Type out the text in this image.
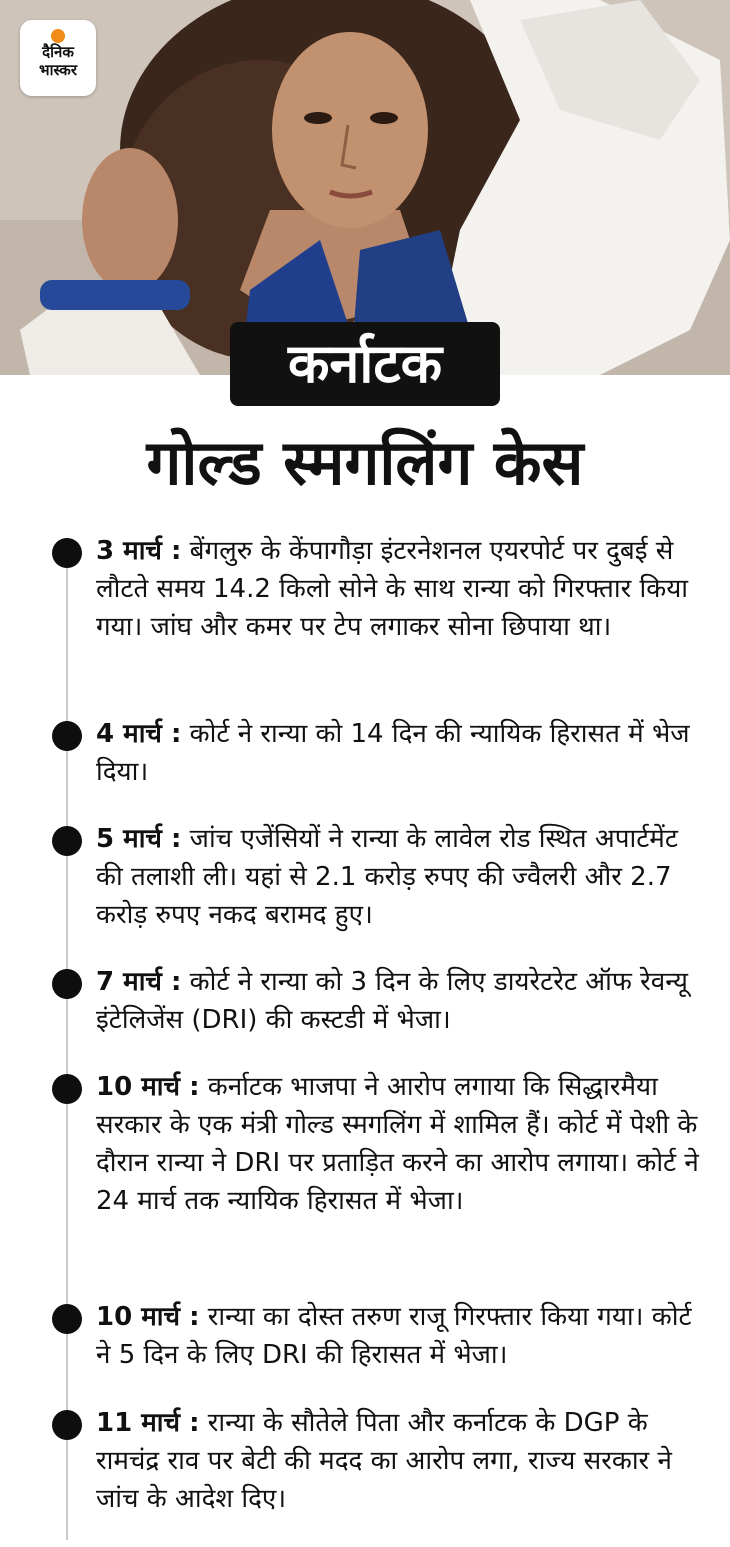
दैनिक
भास्कर
कर्नाटक
गोल्ड स्मगलिंग केस
3 मार्च : बेंगलुरु के केंपागौड़ा इंटरनेशनल एयरपोर्ट पर दुबई से लौटते समय 14.2 किलो सोने के साथ रान्या को गिरफ्तार किया गया। जांघ और कमर पर टेप लगाकर सोना छिपाया था।
4 मार्च : कोर्ट ने रान्या को 14 दिन की न्यायिक हिरासत में भेज दिया।
5 मार्च : जांच एजेंसियों ने रान्या के लावेल रोड स्थित अपार्टमेंट की तलाशी ली। यहां से 2.1 करोड़ रुपए की ज्वैलरी और 2.7 करोड़ रुपए नकद बरामद हुए।
7 मार्च : कोर्ट ने रान्या को 3 दिन के लिए डायरेटरेट ऑफ रेवन्यू इंटेलिजेंस (DRI) की कस्टडी में भेजा।
10 मार्च : कर्नाटक भाजपा ने आरोप लगाया कि सिद्धारमैया सरकार के एक मंत्री गोल्ड स्मगलिंग में शामिल हैं। कोर्ट में पेशी के दौरान रान्या ने DRI पर प्रताड़ित करने का आरोप लगाया। कोर्ट ने 24 मार्च तक न्यायिक हिरासत में भेजा।
10 मार्च : रान्या का दोस्त तरुण राजू गिरफ्तार किया गया। कोर्ट ने 5 दिन के लिए DRI की हिरासत में भेजा।
11 मार्च : रान्या के सौतेले पिता और कर्नाटक के DGP के रामचंद्र राव पर बेटी की मदद का आरोप लगा, राज्य सरकार ने जांच के आदेश दिए।
